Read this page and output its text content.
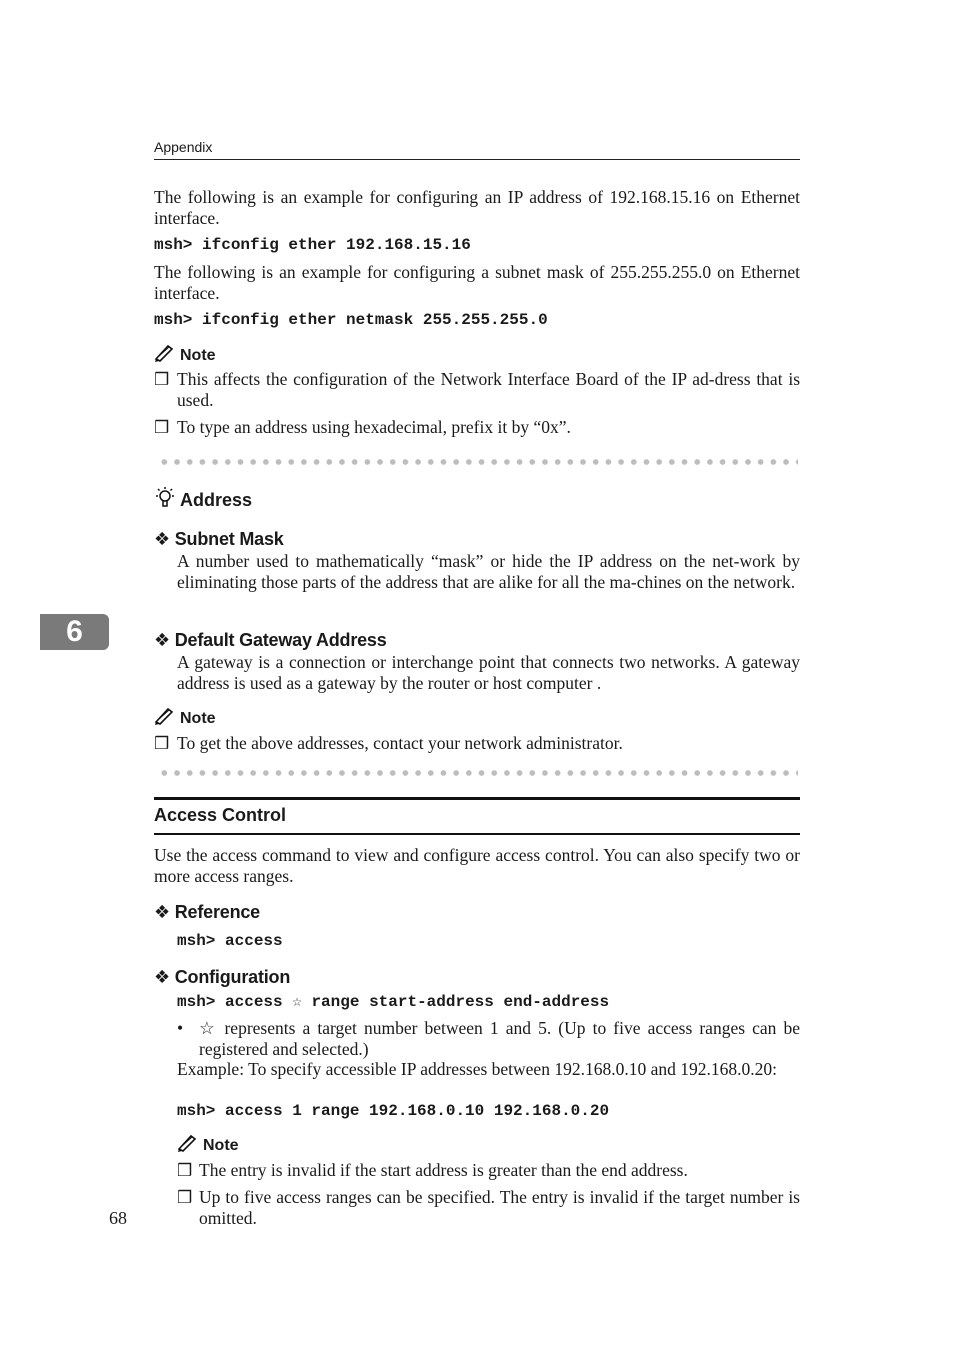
Appendix
The following is an example for configuring an IP address of 192.168.15.16 on Ethernet interface.
msh> ifconfig ether 192.168.15.16
The following is an example for configuring a subnet mask of 255.255.255.0 on Ethernet interface.
msh> ifconfig ether netmask 255.255.255.0
Note
❒ This affects the configuration of the Network Interface Board of the IP ad-dress that is used.
❒ To type an address using hexadecimal, prefix it by “0x”.
Address
❖ Subnet Mask
A number used to mathematically “mask” or hide the IP address on the net-work by eliminating those parts of the address that are alike for all the ma-chines on the network.
❖ Default Gateway Address
A gateway is a connection or interchange point that connects two networks. A gateway address is used as a gateway by the router or host computer .
Note
❒ To get the above addresses, contact your network administrator.
6
Access Control
Use the access command to view and configure access control. You can also specify two or more access ranges.
❖ Reference
msh> access
❖ Configuration
msh> access ☆ range start-address end-address
• ☆ represents a target number between 1 and 5. (Up to five access ranges can be registered and selected.)
Example: To specify accessible IP addresses between 192.168.0.10 and 192.168.0.20:
msh> access 1 range 192.168.0.10 192.168.0.20
Note
❒ The entry is invalid if the start address is greater than the end address.
❒ Up to five access ranges can be specified. The entry is invalid if the target number is omitted.
68
